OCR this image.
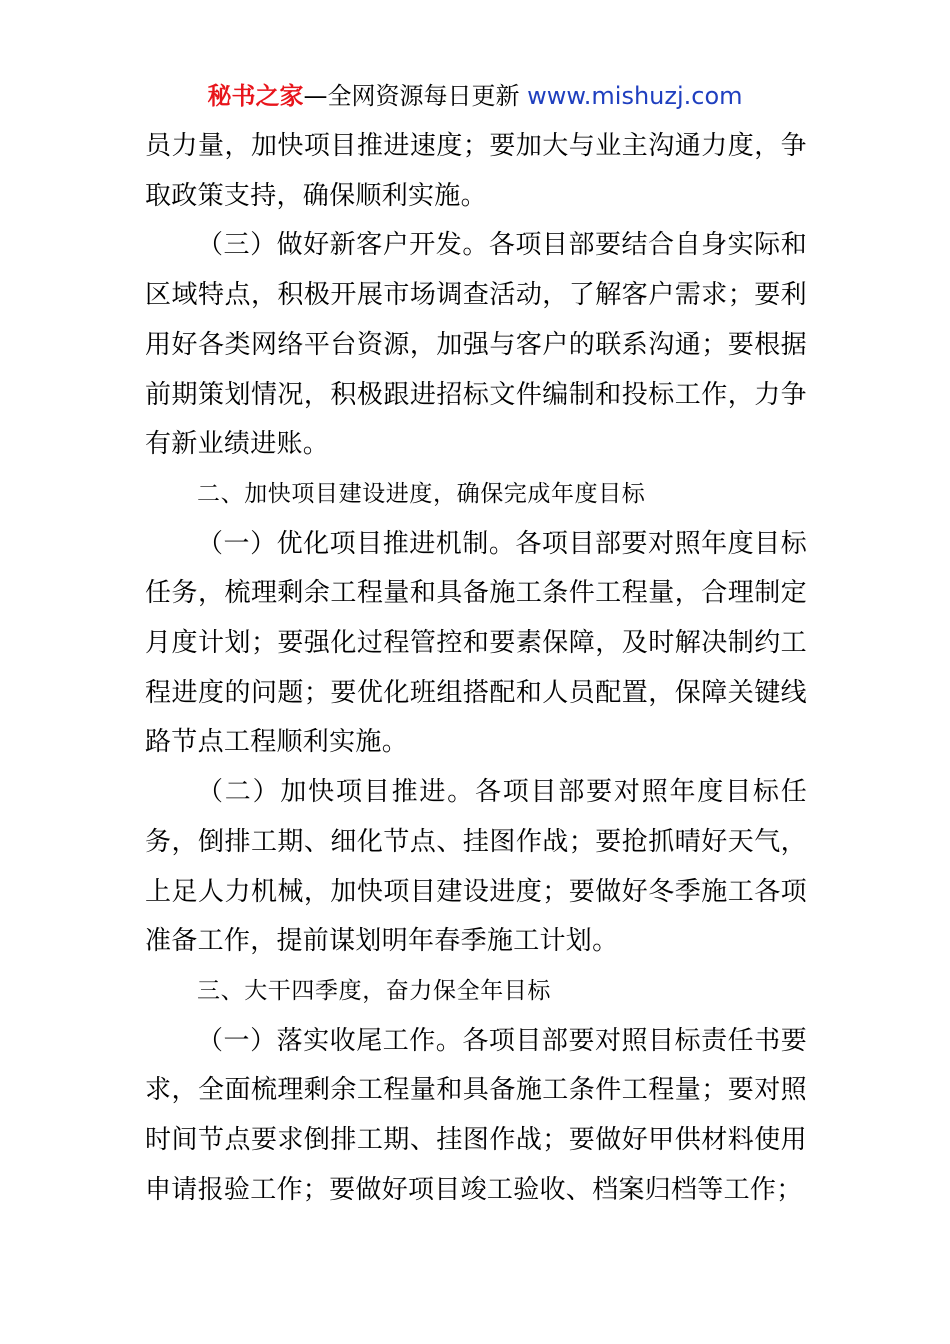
秘书之家—全网资源每日更新 www.mishuzj.com

员力量，加快项目推进速度；要加大与业主沟通力度，争取政策支持，确保顺利实施。

（三）做好新客户开发。各项目部要结合自身实际和区域特点，积极开展市场调查活动，了解客户需求；要利用好各类网络平台资源，加强与客户的联系沟通；要根据前期策划情况，积极跟进招标文件编制和投标工作，力争有新业绩进账。

二、加快项目建设进度，确保完成年度目标

（一）优化项目推进机制。各项目部要对照年度目标任务，梳理剩余工程量和具备施工条件工程量，合理制定月度计划；要强化过程管控和要素保障，及时解决制约工程进度的问题；要优化班组搭配和人员配置，保障关键线路节点工程顺利实施。

（二）加快项目推进。各项目部要对照年度目标任务，倒排工期、细化节点、挂图作战；要抢抓晴好天气，上足人力机械，加快项目建设进度；要做好冬季施工各项准备工作，提前谋划明年春季施工计划。

三、大干四季度，奋力保全年目标

（一）落实收尾工作。各项目部要对照目标责任书要求，全面梳理剩余工程量和具备施工条件工程量；要对照时间节点要求倒排工期、挂图作战；要做好甲供材料使用申请报验工作；要做好项目竣工验收、档案归档等工作；
